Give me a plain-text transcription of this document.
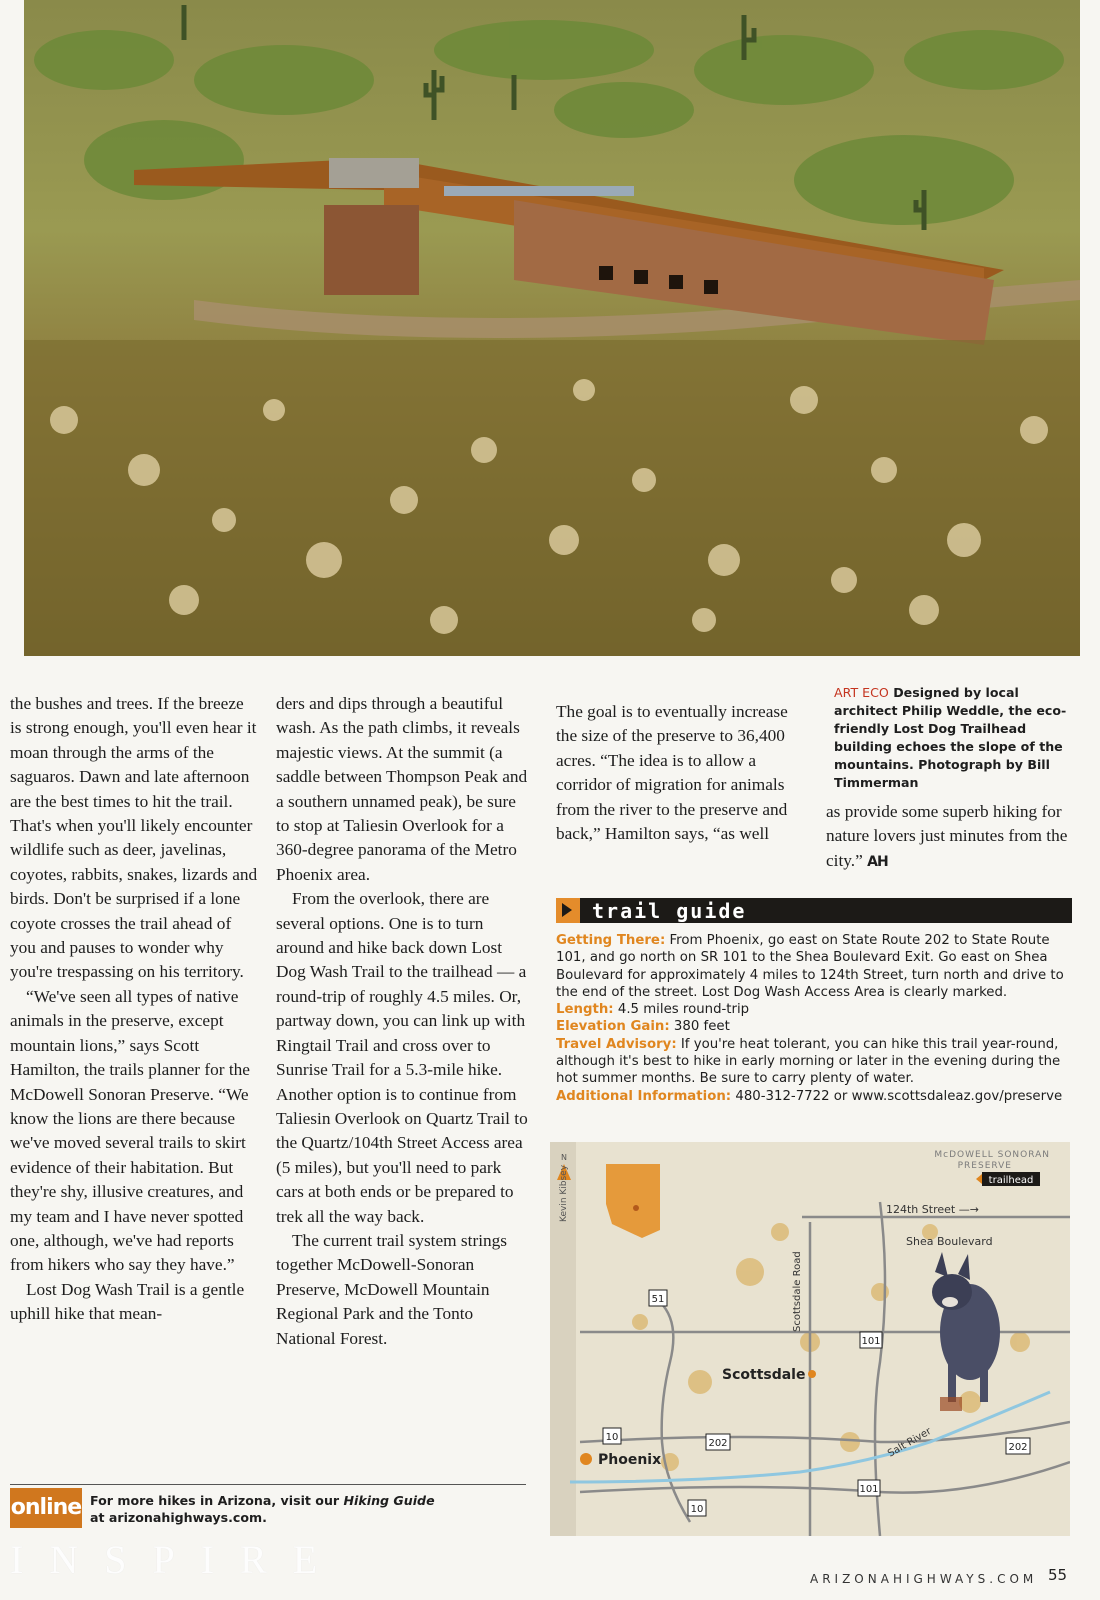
the bushes and trees. If the breeze is strong enough, you'll even hear it moan through the arms of the saguaros. Dawn and late afternoon are the best times to hit the trail. That's when you'll likely encounter wildlife such as deer, javelinas, coyotes, rabbits, snakes, lizards and birds. Don't be surprised if a lone coyote crosses the trail ahead of you and pauses to wonder why you're trespassing on his territory.

“We've seen all types of native animals in the preserve, except mountain lions,” says Scott Hamilton, the trails planner for the McDowell Sonoran Preserve. “We know the lions are there because we've moved several trails to skirt evidence of their habitation. But they're shy, illusive creatures, and my team and I have never spotted one, although, we've had reports from hikers who say they have.”

Lost Dog Wash Trail is a gentle uphill hike that mean-

ders and dips through a beautiful wash. As the path climbs, it reveals majestic views. At the summit (a saddle between Thompson Peak and a southern unnamed peak), be sure to stop at Taliesin Overlook for a 360-degree panorama of the Metro Phoenix area.

From the overlook, there are several options. One is to turn around and hike back down Lost Dog Wash Trail to the trailhead — a round-trip of roughly 4.5 miles. Or, partway down, you can link up with Ringtail Trail and cross over to Sunrise Trail for a 5.3-mile hike. Another option is to continue from Taliesin Overlook on Quartz Trail to the Quartz/104th Street Access area (5 miles), but you'll need to park cars at both ends or be prepared to trek all the way back.

The current trail system strings together McDowell-Sonoran Preserve, McDowell Mountain Regional Park and the Tonto National Forest.

The goal is to eventually increase the size of the preserve to 36,400 acres. “The idea is to allow a corridor of migration for animals from the river to the preserve and back,” Hamilton says, “as well

as provide some superb hiking for nature lovers just minutes from the city.” AH

ART ECO Designed by local architect Philip Weddle, the eco-friendly Lost Dog Trailhead building echoes the slope of the mountains. Photograph by Bill Timmerman
trail guide

Getting There: From Phoenix, go east on State Route 202 to State Route 101, and go north on SR 101 to the Shea Boulevard Exit. Go east on Shea Boulevard for approximately 4 miles to 124th Street, turn north and drive to the end of the street. Lost Dog Wash Access Area is clearly marked.

Length: 4.5 miles round-trip

Elevation Gain: 380 feet

Travel Advisory: If you're heat tolerant, you can hike this trail year-round, although it's best to hike in early morning or later in the evening during the hot summer months. Be sure to carry plenty of water.

Additional Information: 480-312-7722 or www.scottsdaleaz.gov/preserve

N
Kevin Kibsey
McDOWELL SONORAN
PRESERVE
trailhead
124th Street —→
Shea Boulevard
Scottsdale Road
Scottsdale
Phoenix
Salt River
51
101
101
10
10
202	202
online For more hikes in Arizona, visit our Hiking Guide
at arizonahighways.com.
INSPIRE	ARIZONAHIGHWAYS.COM 55
